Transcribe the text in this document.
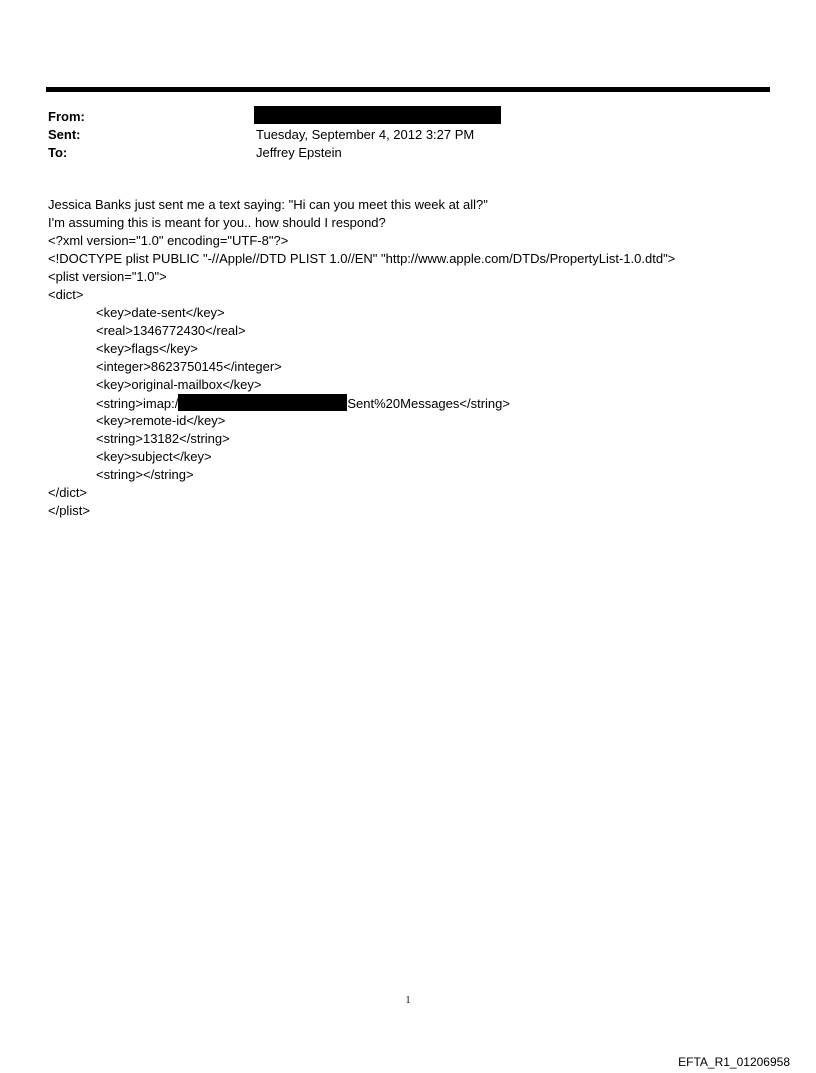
From:
Sent:	Tuesday, September 4, 2012 3:27 PM
To:	Jeffrey Epstein
Jessica Banks just sent me a text saying: "Hi can you meet this week at all?"
I'm assuming this is meant for you.. how should I respond?
<?xml version="1.0" encoding="UTF-8"?>
<!DOCTYPE plist PUBLIC "-//Apple//DTD PLIST 1.0//EN" "http://www.apple.com/DTDs/PropertyList-1.0.dtd">
<plist version="1.0">
<dict>
<key>date-sent</key>
<real>1346772430</real>
<key>flags</key>
<integer>8623750145</integer>
<key>original-mailbox</key>
<string>imap:/	Sent%20Messages</string>
<key>remote-id</key>
<string>13182</string>
<key>subject</key>
<string></string>
</dict>
</plist>
1
EFTA_R1_01206958
